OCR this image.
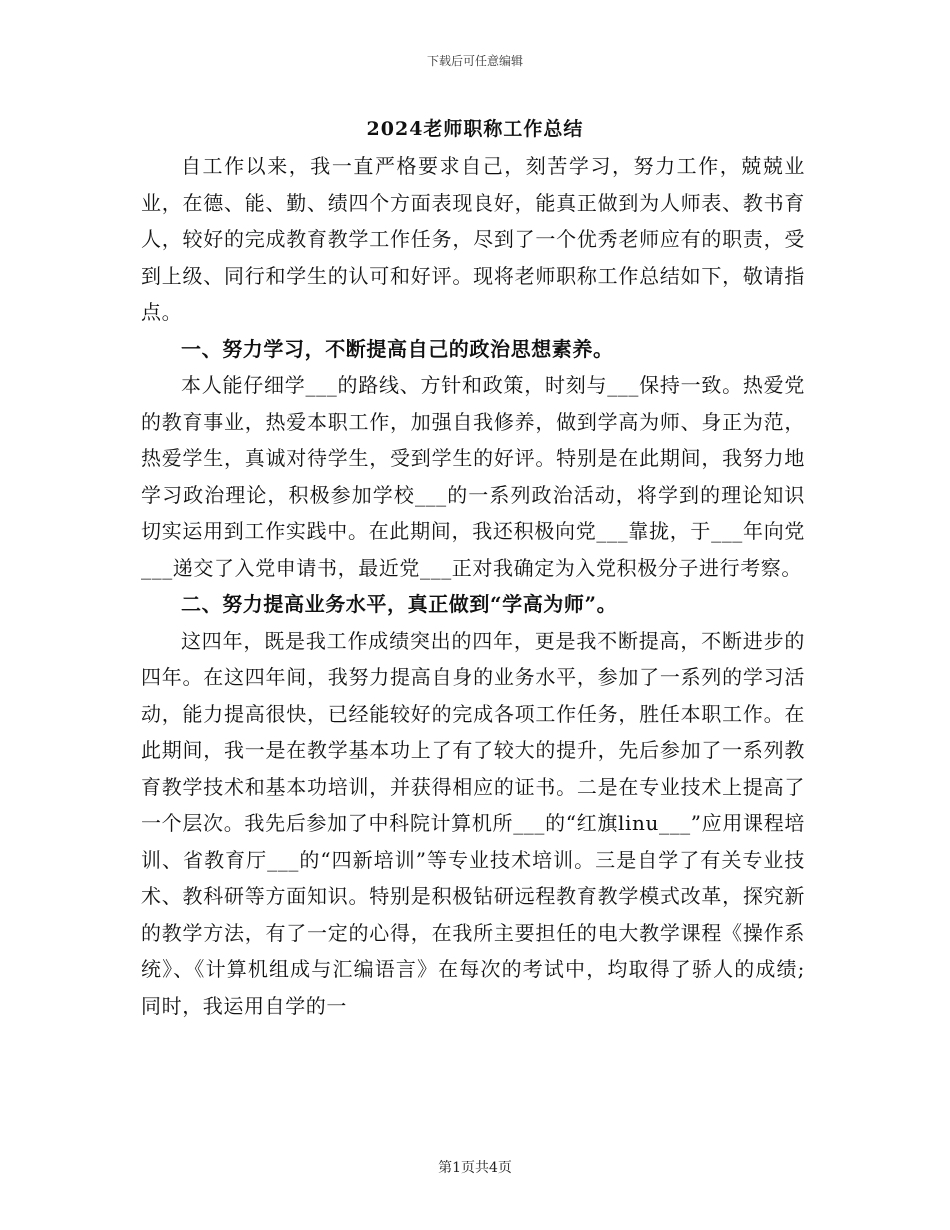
下载后可任意编辑
2024老师职称工作总结

自工作以来，我一直严格要求自己，刻苦学习，努力工作，兢兢业业，在德、能、勤、绩四个方面表现良好，能真正做到为人师表、教书育人，较好的完成教育教学工作任务，尽到了一个优秀老师应有的职责，受到上级、同行和学生的认可和好评。现将老师职称工作总结如下，敬请指点。

一、努力学习，不断提高自己的政治思想素养。

本人能仔细学___的路线、方针和政策，时刻与___保持一致。热爱党的教育事业，热爱本职工作，加强自我修养，做到学高为师、身正为范，热爱学生，真诚对待学生，受到学生的好评。特别是在此期间，我努力地学习政治理论，积极参加学校___的一系列政治活动，将学到的理论知识切实运用到工作实践中。在此期间，我还积极向党___靠拢，于___年向党___递交了入党申请书，最近党___正对我确定为入党积极分子进行考察。

二、努力提高业务水平，真正做到“学高为师”。

这四年，既是我工作成绩突出的四年，更是我不断提高，不断进步的四年。在这四年间，我努力提高自身的业务水平，参加了一系列的学习活动，能力提高很快，已经能较好的完成各项工作任务，胜任本职工作。在此期间，我一是在教学基本功上了有了较大的提升，先后参加了一系列教育教学技术和基本功培训，并获得相应的证书。二是在专业技术上提高了一个层次。我先后参加了中科院计算机所___的“红旗linu___”应用课程培训、省教育厅___的“四新培训”等专业技术培训。三是自学了有关专业技术、教科研等方面知识。特别是积极钻研远程教育教学模式改革，探究新的教学方法，有了一定的心得，在我所主要担任的电大教学课程《操作系统》、《计算机组成与汇编语言》在每次的考试中，均取得了骄人的成绩;同时，我运用自学的一

第1页共4页
